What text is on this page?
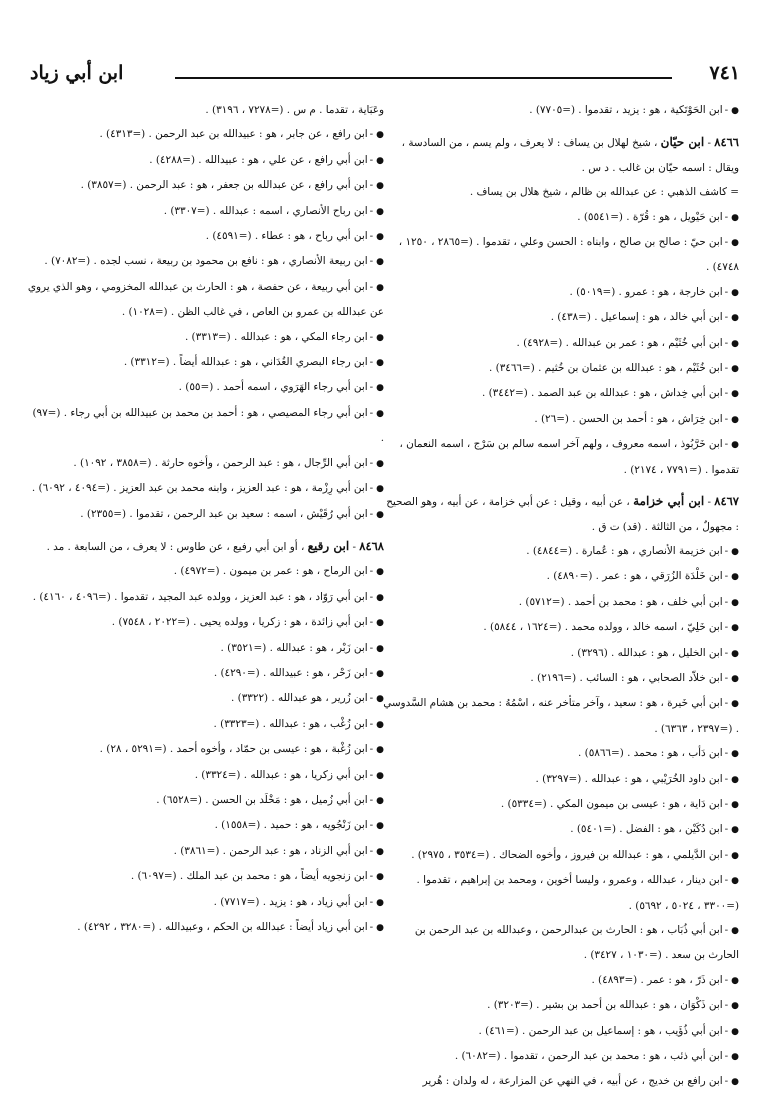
ابن أبي زياد	٧٤١

●-ابن الحَوْتَكية ، هو : يزيد ، تقدموا . (=٧٧٠٥) .

٨٤٦٦ - ابن حيّان ، شيخ لهلال بن يساف : لا يعرف ، ولم يسم ، من السادسة ، ويقال : اسمه حيّان بن غالب . د س .

= كاشف الذهبي : عن عبدالله بن ظالم ، شيخ هلال بن يساف .

●-ابن حَيْويل ، هو : قُرّة . (=٥٥٤١) .

●-ابن حيّ : صالح بن صالح ، وابناه : الحسن وعلي ، تقدموا . (=٢٨٦٥ ، ١٢٥٠ ، ٤٧٤٨) .

●-ابن خارجة ، هو : عمرو . (=٥٠١٩) .

●-ابن أبي خالد ، هو : إسماعيل . (=٤٣٨) .

●-ابن أبي خُثَيْم ، هو : عمر بن عبدالله . (=٤٩٢٨) .

●-ابن خُثَيْم ، هو : عبدالله بن عثمان بن خُثيم . (=٣٤٦٦) .

●-ابن أبي خِداش ، هو : عبدالله بن عبد الصمد . (=٣٤٤٢) .

●-ابن خِرَاش ، هو : أحمد بن الحسن . (=٢٦) .

●-ابن خَرَّبُوذ ، اسمه معروف ، ولهم آخر اسمه سالم بن سَرْج ، اسمه النعمان ، تقدموا . (=٧٧٩١ ، ٢١٧٤) .

٨٤٦٧ - ابن أبي خزامة ، عن أبيه ، وقيل : عن أبي خزامة ، عن أبيه ، وهو الصحيح : مجهولٌ ، من الثالثة . (قد) ت ق .

●-ابن خزيمة الأنصاري ، هو : عُمارة . (=٤٨٤٤) .

●-ابن خَلْدَة الزُرَقي ، هو : عمر . (=٤٨٩٠) .

●-ابن أبي خلف ، هو : محمد بن أحمد . (=٥٧١٢) .

●-ابن خَلِيّ ، اسمه خالد ، وولده محمد . (=١٦٢٤ ، ٥٨٤٤) .

●-ابن الخليل ، هو : عبدالله . (٣٢٩٦) .

●-ابن خلاّد الصحابي ، هو : السائب . (=٢١٩٦) .

●-ابن أبي خَيرة ، هو : سعيد ، وآخر متأخر عنه ، اسْمُهُ : محمد بن هشام السَّدوسي . (=٢٣٩٧ ، ٦٣٦٣) .

●-ابن دَأب ، هو : محمد . (=٥٨٦٦) .

●-ابن داود الخُرَيْبي ، هو : عبدالله . (=٣٢٩٧) .

●-ابن دَاية ، هو : عيسى بن ميمون المكي . (=٥٣٣٤) .

●-ابن دُكَيْن ، هو : الفضل . (=٥٤٠١) .

●-ابن الدَّيلمي ، هو : عبدالله بن فيروز ، وأخوه الضحاك . (=٣٥٣٤ ، ٢٩٧٥) .

●-ابن دينار ، عبدالله ، وعمرو ، وليسا أخوين ، ومحمد بن إبراهيم ، تقدموا . (=٣٣٠٠ ، ٥٠٢٤ ، ٥٦٩٢) .

●-ابن أبي ذُبَاب ، هو : الحارث بن عبدالرحمن ، وعبدالله بن عبد الرحمن بن الحارث بن سعد . (=١٠٣٠ ، ٣٤٢٧) .

●-ابن ذَرّ ، هو : عمر . (=٤٨٩٣) .

●-ابن ذَكْوَان ، هو : عبدالله بن أحمد بن بشير . (=٣٢٠٣) .

●-ابن أبي ذُؤَيب ، هو : إسماعيل بن عبد الرحمن . (=٤٦١) .

●-ابن أبي ذئب ، هو : محمد بن عبد الرحمن ، تقدموا . (=٦٠٨٢) .

●-ابن رافع بن خديج ، عن أبيه ، في النهي عن المزارعة ، له ولدان : هُرير

وعَبَاية ، تقدما . م س . (=٧٢٧٨ ، ٣١٩٦) .

●-ابن رافع ، عن جابر ، هو : عبيدالله بن عبد الرحمن . (=٤٣١٣) .

●-ابن أبي رافع ، عن علي ، هو : عبيدالله . (=٤٢٨٨) .

●-ابن أبي رافع ، عن عبدالله بن جعفر ، هو : عبد الرحمن . (=٣٨٥٧) .

●-ابن رباح الأنصاري ، اسمه : عبدالله . (=٣٣٠٧) .

●-ابن أبي رباح ، هو : عطاء . (=٤٥٩١) .

●-ابن ربيعة الأنصاري ، هو : نافع بن محمود بن ربيعة ، نسب لجده . (=٧٠٨٢) .

●-ابن أبي ربيعة ، عن حفصة ، هو : الحارث بن عبدالله المخزومي ، وهو الذي يروي عن عبدالله بن عمرو بن العاص ، في غالب الظن . (=١٠٢٨) .

●-ابن رجاء المكي ، هو : عبدالله . (=٣٣١٣) .

●-ابن رجاء البصري الغُدَاني ، هو : عبدالله أيضاً . (=٣٣١٢) .

●-ابن أبي رجاء الهَرَوي ، اسمه أحمد . (=٥٥) .

●-ابن أبي رجاء المصيصي ، هو : أحمد بن محمد بن عبيدالله بن أبي رجاء . (=٩٧) .

●-ابن أبي الرِّجال ، هو : عبد الرحمن ، وأخوه حارثة . (=٣٨٥٨ ، ١٠٩٢) .

●-ابن أبي رِزْمة ، هو : عبد العزيز ، وابنه محمد بن عبد العزيز . (=٤٠٩٤ ، ٦٠٩٢) .

●-ابن أبي رُقَيْش ، اسمه : سعيد بن عبد الرحمن ، تقدموا . (=٢٣٥٥) .

٨٤٦٨ - ابن رقيع ، أو ابن أبي رفيع ، عن طاوس : لا يعرف ، من السابعة . مد .

●-ابن الرماح ، هو : عمر بن ميمون . (=٤٩٧٢) .

●-ابن أبي رَوّاد ، هو : عبد العزيز ، وولده عبد المجيد ، تقدموا . (=٤٠٩٦ ، ٤١٦٠) .

●-ابن أبي زائدة ، هو : زكريا ، وولده يحيى . (=٢٠٢٢ ، ٧٥٤٨) .

●-ابن زَبْر ، هو : عبدالله . (=٣٥٢١) .

●-ابن زَحْر ، هو : عبيدالله . (=٤٢٩٠) .

●-ابن زُرير ، هو عبدالله . (٣٣٢٢) .

●-ابن زُغْب ، هو : عبدالله . (=٣٣٢٣) .

●-ابن زُغْبة ، هو : عيسى بن حمّاد ، وأخوه أحمد . (=٥٢٩١ ، ٢٨) .

●-ابن أبي زكريا ، هو : عبدالله . (=٣٣٢٤) .

●-ابن أبي زُميل ، هو : مَخْلَد بن الحسن . (=٦٥٢٨) .

●-ابن زَنْجُويه ، هو : حميد . (=١٥٥٨) .

●-ابن أبي الزناد ، هو : عبد الرحمن . (=٣٨٦١) .

●-ابن زنجويه أيضاً ، هو : محمد بن عبد الملك . (=٦٠٩٧) .

●-ابن أبي زياد ، هو : يزيد . (=٧٧١٧) .

●-ابن أبي زياد أيضاً : عبدالله بن الحكم ، وعبيدالله . (=٣٢٨٠ ، ٤٢٩٢) .
